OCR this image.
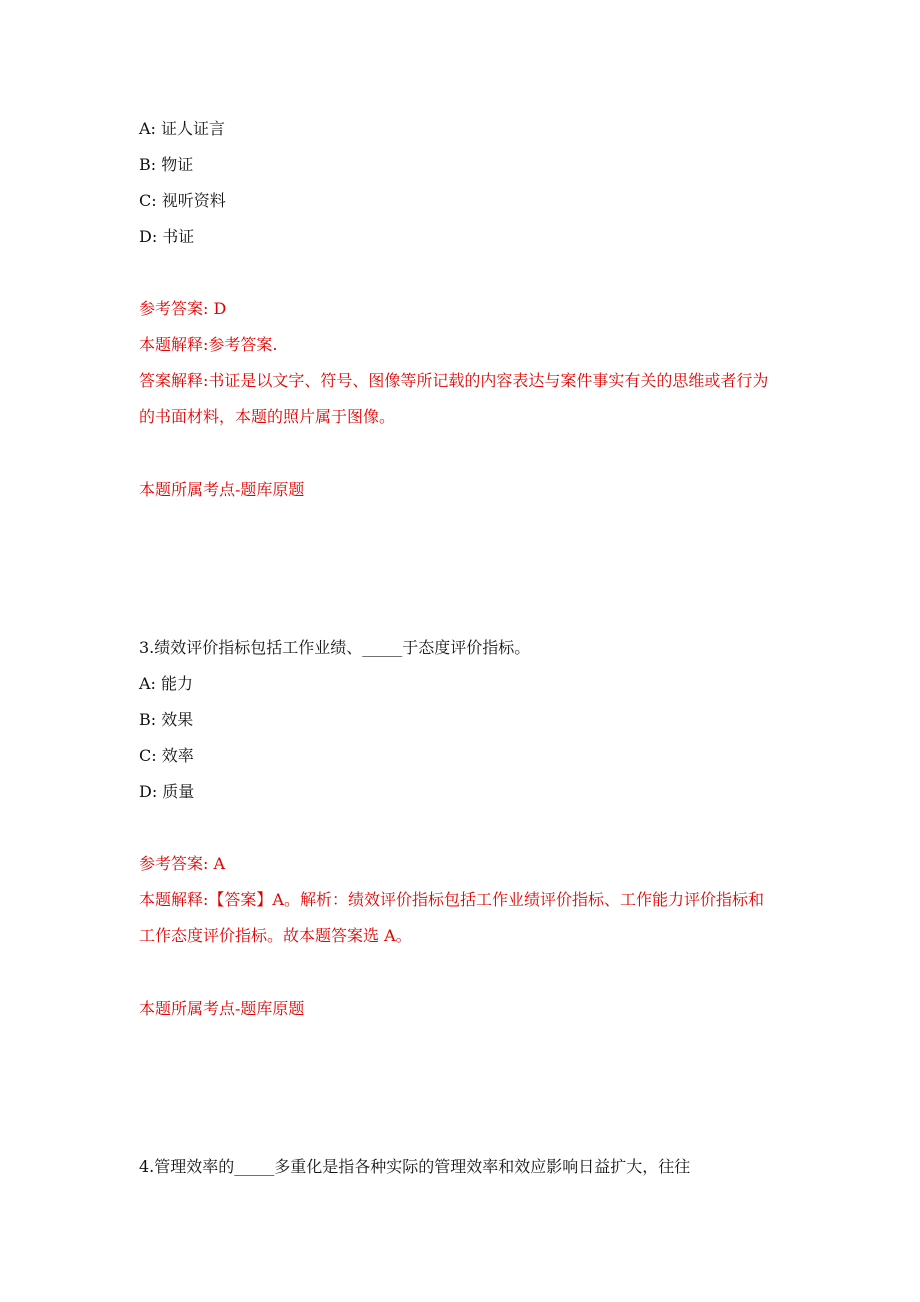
A: 证人证言
B: 物证
C: 视听资料
D: 书证
参考答案: D
本题解释:参考答案.
答案解释:书证是以文字、符号、图像等所记载的内容表达与案件事实有关的思维或者行为的书面材料，本题的照片属于图像。
本题所属考点-题库原题
3.绩效评价指标包括工作业绩、_____于态度评价指标。
A: 能力
B: 效果
C: 效率
D: 质量
参考答案: A
本题解释:【答案】A。解析：绩效评价指标包括工作业绩评价指标、工作能力评价指标和工作态度评价指标。故本题答案选 A。
本题所属考点-题库原题
4.管理效率的_____多重化是指各种实际的管理效率和效应影响日益扩大，往往
